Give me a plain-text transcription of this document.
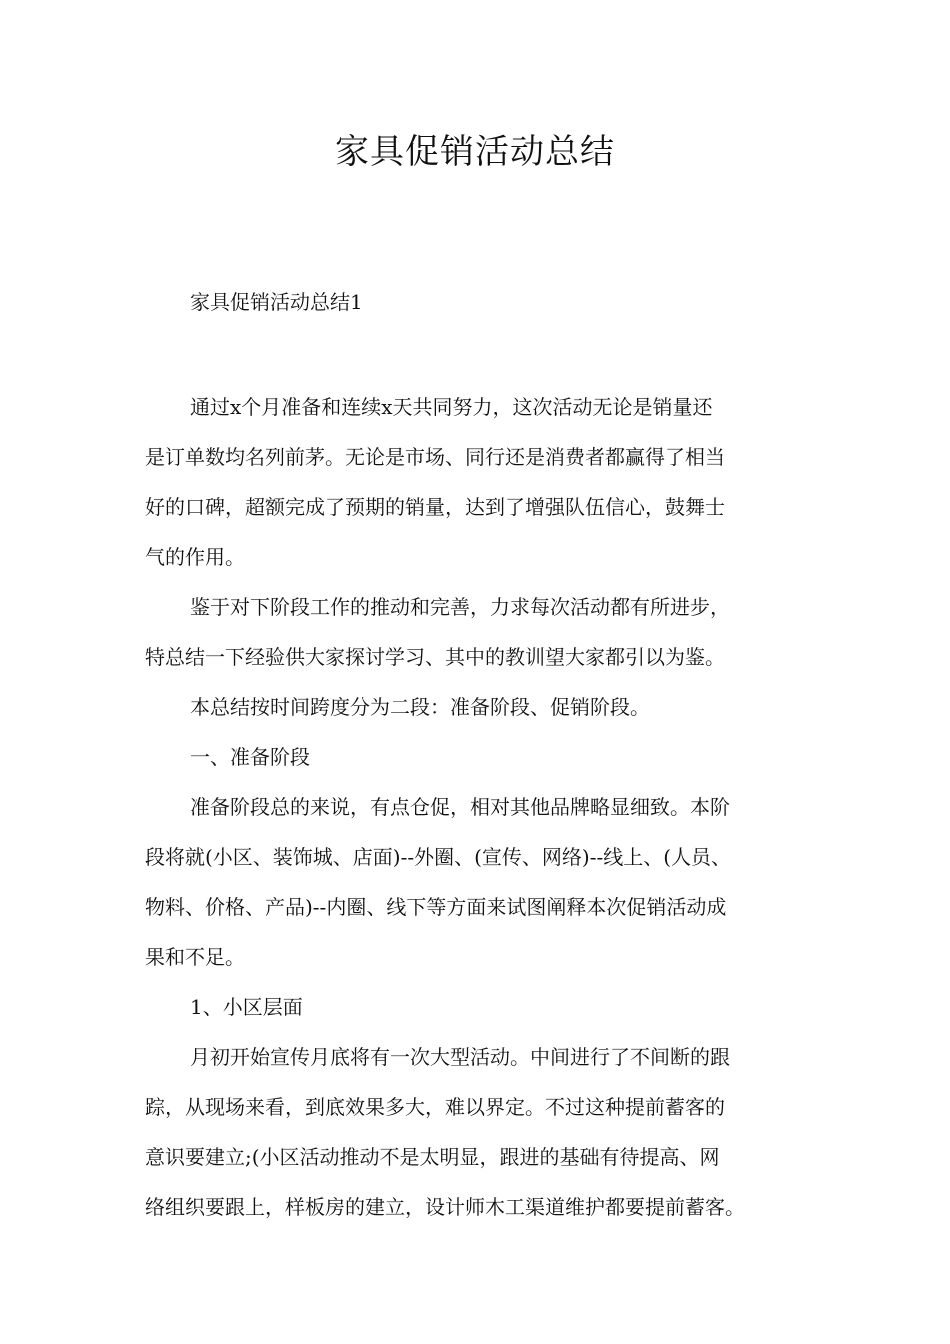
家具促销活动总结

家具促销活动总结1

通过x个月准备和连续x天共同努力，这次活动无论是销量还

是订单数均名列前茅。无论是市场、同行还是消费者都赢得了相当

好的口碑，超额完成了预期的销量，达到了增强队伍信心，鼓舞士

气的作用。

鉴于对下阶段工作的推动和完善，力求每次活动都有所进步，

特总结一下经验供大家探讨学习、其中的教训望大家都引以为鉴。

本总结按时间跨度分为二段：准备阶段、促销阶段。

一、准备阶段

准备阶段总的来说，有点仓促，相对其他品牌略显细致。本阶

段将就(小区、装饰城、店面)--外圈、(宣传、网络)--线上、(人员、

物料、价格、产品)--内圈、线下等方面来试图阐释本次促销活动成

果和不足。

1、小区层面

月初开始宣传月底将有一次大型活动。中间进行了不间断的跟

踪，从现场来看，到底效果多大，难以界定。不过这种提前蓄客的

意识要建立;(小区活动推动不是太明显，跟进的基础有待提高、网

络组织要跟上，样板房的建立，设计师木工渠道维护都要提前蓄客。
